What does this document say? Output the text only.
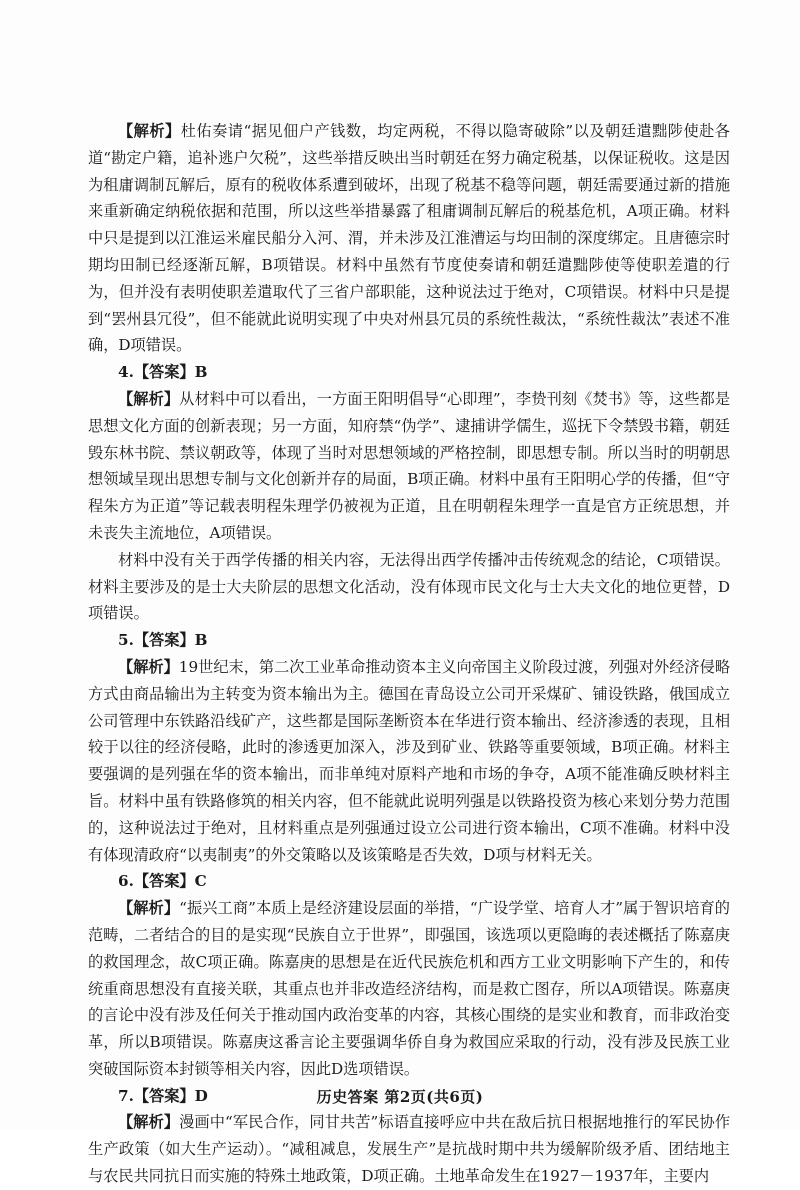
【解析】杜佑奏请“据见佃户产钱数，均定两税，不得以隐寄破除”以及朝廷遣黜陟使赴各道“勘定户籍，追补逃户欠税”，这些举措反映出当时朝廷在努力确定税基，以保证税收。这是因为租庸调制瓦解后，原有的税收体系遭到破坏，出现了税基不稳等问题，朝廷需要通过新的措施来重新确定纳税依据和范围，所以这些举措暴露了租庸调制瓦解后的税基危机，A项正确。材料中只是提到以江淮运米雇民船分入河、渭，并未涉及江淮漕运与均田制的深度绑定。且唐德宗时期均田制已经逐渐瓦解，B项错误。材料中虽然有节度使奏请和朝廷遣黜陟使等使职差遣的行为，但并没有表明使职差遣取代了三省户部职能，这种说法过于绝对，C项错误。材料中只是提到“罢州县冗役”，但不能就此说明实现了中央对州县冗员的系统性裁汰，“系统性裁汰”表述不准确，D项错误。

4.【答案】B

【解析】从材料中可以看出，一方面王阳明倡导“心即理”，李贽刊刻《焚书》等，这些都是思想文化方面的创新表现；另一方面，知府禁“伪学”、逮捕讲学儒生，巡抚下令禁毁书籍，朝廷毁东林书院、禁议朝政等，体现了当时对思想领域的严格控制，即思想专制。所以当时的明朝思想领域呈现出思想专制与文化创新并存的局面，B项正确。材料中虽有王阳明心学的传播，但“守程朱方为正道”等记载表明程朱理学仍被视为正道，且在明朝程朱理学一直是官方正统思想，并未丧失主流地位，A项错误。

材料中没有关于西学传播的相关内容，无法得出西学传播冲击传统观念的结论，C项错误。材料主要涉及的是士大夫阶层的思想文化活动，没有体现市民文化与士大夫文化的地位更替，D项错误。

5.【答案】B

【解析】19世纪末，第二次工业革命推动资本主义向帝国主义阶段过渡，列强对外经济侵略方式由商品输出为主转变为资本输出为主。德国在青岛设立公司开采煤矿、铺设铁路，俄国成立公司管理中东铁路沿线矿产，这些都是国际垄断资本在华进行资本输出、经济渗透的表现，且相较于以往的经济侵略，此时的渗透更加深入，涉及到矿业、铁路等重要领域，B项正确。材料主要强调的是列强在华的资本输出，而非单纯对原料产地和市场的争夺，A项不能准确反映材料主旨。材料中虽有铁路修筑的相关内容，但不能就此说明列强是以铁路投资为核心来划分势力范围的，这种说法过于绝对，且材料重点是列强通过设立公司进行资本输出，C项不准确。材料中没有体现清政府“以夷制夷”的外交策略以及该策略是否失效，D项与材料无关。

6.【答案】C

【解析】“振兴工商”本质上是经济建设层面的举措，“广设学堂、培育人才”属于智识培育的范畴，二者结合的目的是实现“民族自立于世界”，即强国，该选项以更隐晦的表述概括了陈嘉庚的救国理念，故C项正确。陈嘉庚的思想是在近代民族危机和西方工业文明影响下产生的，和传统重商思想没有直接关联，其重点也并非改造经济结构，而是救亡图存，所以A项错误。陈嘉庚的言论中没有涉及任何关于推动国内政治变革的内容，其核心围绕的是实业和教育，而非政治变革，所以B项错误。陈嘉庚这番言论主要强调华侨自身为救国应采取的行动，没有涉及民族工业突破国际资本封锁等相关内容，因此D选项错误。

7.【答案】D

【解析】漫画中“军民合作，同甘共苦”标语直接呼应中共在敌后抗日根据地推行的军民协作生产政策（如大生产运动）。“减租减息，发展生产”是抗战时期中共为缓解阶级矛盾、团结地主与农民共同抗日而实施的特殊土地政策，D项正确。土地革命发生在1927－1937年，主要内

历史答案 第2页(共6页)
